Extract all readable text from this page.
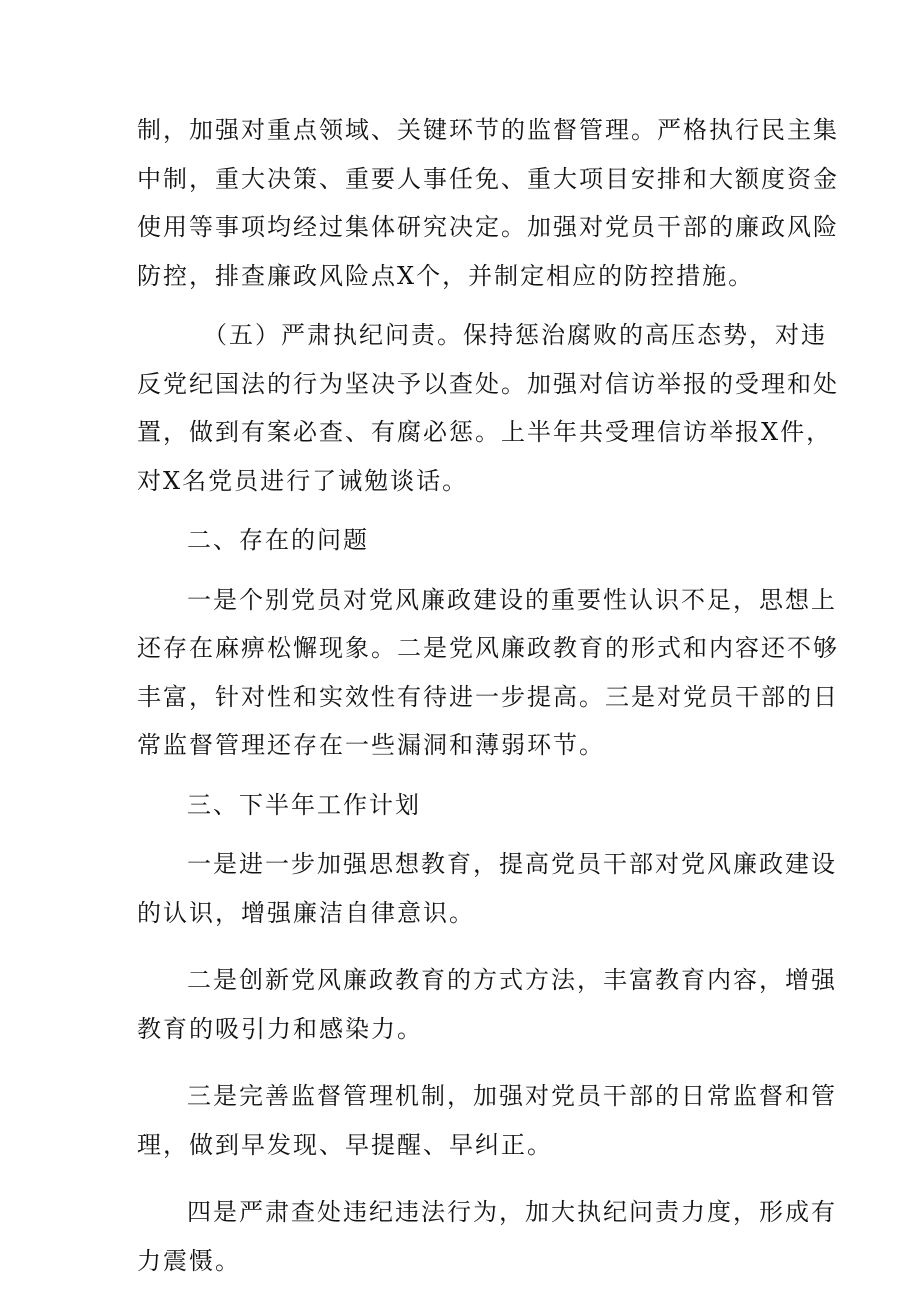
制，加强对重点领域、关键环节的监督管理。严格执行民主集
中制，重大决策、重要人事任免、重大项目安排和大额度资金
使用等事项均经过集体研究决定。加强对党员干部的廉政风险
防控，排查廉政风险点X个，并制定相应的防控措施。
（五）严肃执纪问责。保持惩治腐败的高压态势，对违
反党纪国法的行为坚决予以查处。加强对信访举报的受理和处
置，做到有案必查、有腐必惩。上半年共受理信访举报X件，
对X名党员进行了诫勉谈话。
二、存在的问题
一是个别党员对党风廉政建设的重要性认识不足，思想上
还存在麻痹松懈现象。二是党风廉政教育的形式和内容还不够
丰富，针对性和实效性有待进一步提高。三是对党员干部的日
常监督管理还存在一些漏洞和薄弱环节。
三、下半年工作计划
一是进一步加强思想教育，提高党员干部对党风廉政建设
的认识，增强廉洁自律意识。
二是创新党风廉政教育的方式方法，丰富教育内容，增强
教育的吸引力和感染力。
三是完善监督管理机制，加强对党员干部的日常监督和管
理，做到早发现、早提醒、早纠正。
四是严肃查处违纪违法行为，加大执纪问责力度，形成有
力震慑。
